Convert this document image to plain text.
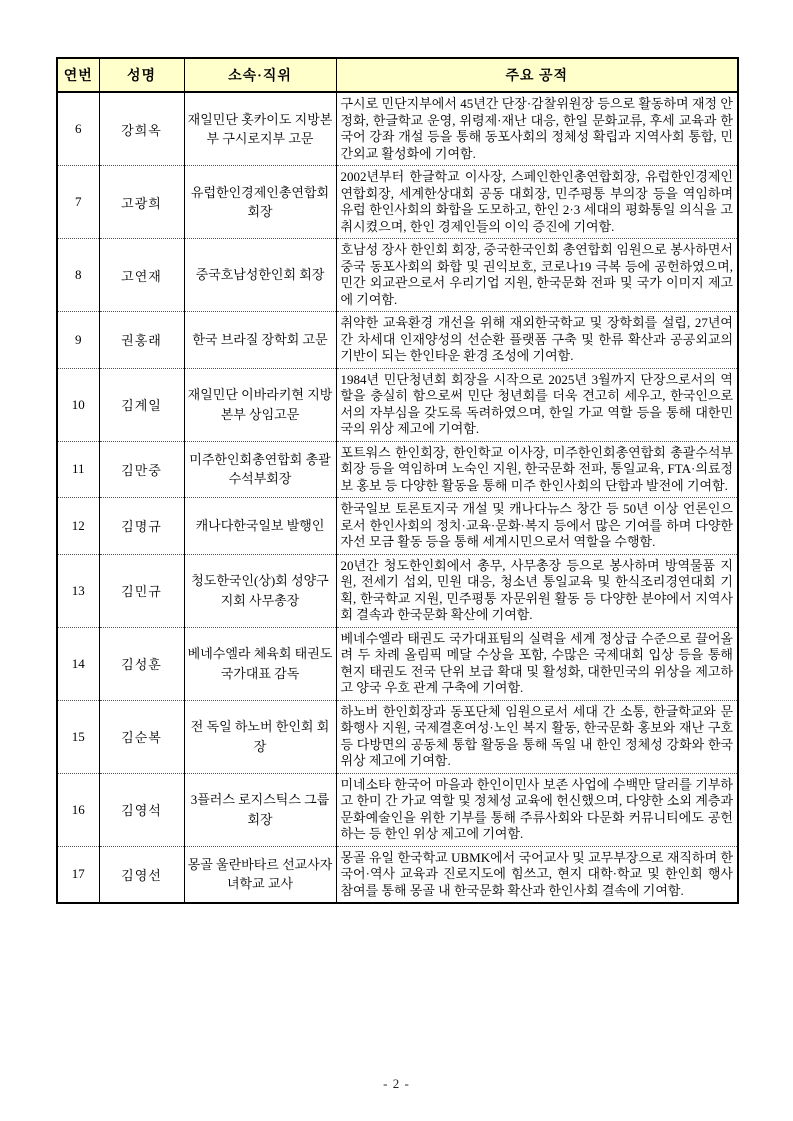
연번	성명	소속·직위	주요 공적
6	강희옥	재일민단 홋카이도 지방본부 구시로지부 고문	구시로 민단지부에서 45년간 단장·감찰위원장 등으로 활동하며 재정 안정화, 한글학교 운영, 위령제·재난 대응, 한일 문화교류, 후세 교육과 한국어 강좌 개설 등을 통해 동포사회의 정체성 확립과 지역사회 통합, 민간외교 활성화에 기여함.
7	고광희	유럽한인경제인총연합회 회장	2002년부터 한글학교 이사장, 스페인한인총연합회장, 유럽한인경제인연합회장, 세계한상대회 공동 대회장, 민주평통 부의장 등을 역임하며 유럽 한인사회의 화합을 도모하고, 한인 2·3 세대의 평화통일 의식을 고취시켰으며, 한인 경제인들의 이익 증진에 기여함.
8	고연재	중국호남성한인회 회장	호남성 장사 한인회 회장, 중국한국인회 총연합회 임원으로 봉사하면서 중국 동포사회의 화합 및 권익보호, 코로나19 극복 등에 공헌하였으며, 민간 외교관으로서 우리기업 지원, 한국문화 전파 및 국가 이미지 제고에 기여함.
9	권홍래	한국 브라질 장학회 고문	취약한 교육환경 개선을 위해 재외한국학교 및 장학회를 설립, 27년여간 차세대 인재양성의 선순환 플랫폼 구축 및 한류 확산과 공공외교의 기반이 되는 한인타운 환경 조성에 기여함.
10	김계일	재일민단 이바라키현 지방본부 상임고문	1984년 민단청년회 회장을 시작으로 2025년 3월까지 단장으로서의 역할을 충실히 함으로써 민단 청년회를 더욱 견고히 세우고, 한국인으로서의 자부심을 갖도록 독려하였으며, 한일 가교 역할 등을 통해 대한민국의 위상 제고에 기여함.
11	김만중	미주한인회총연합회 총괄수석부회장	포트워스 한인회장, 한인학교 이사장, 미주한인회총연합회 총괄수석부회장 등을 역임하며 노숙인 지원, 한국문화 전파, 통일교육, FTA·의료정보 홍보 등 다양한 활동을 통해 미주 한인사회의 단합과 발전에 기여함.
12	김명규	캐나다한국일보 발행인	한국일보 토론토지국 개설 및 캐나다뉴스 창간 등 50년 이상 언론인으로서 한인사회의 정치·교육·문화·복지 등에서 많은 기여를 하며 다양한 자선 모금 활동 등을 통해 세계시민으로서 역할을 수행함.
13	김민규	청도한국인(상)회 성양구지회 사무총장	20년간 청도한인회에서 총무, 사무총장 등으로 봉사하며 방역물품 지원, 전세기 섭외, 민원 대응, 청소년 통일교육 및 한식조리경연대회 기획, 한국학교 지원, 민주평통 자문위원 활동 등 다양한 분야에서 지역사회 결속과 한국문화 확산에 기여함.
14	김성훈	베네수엘라 체육회 태권도 국가대표 감독	베네수엘라 태권도 국가대표팀의 실력을 세계 정상급 수준으로 끌어올려 두 차례 올림픽 메달 수상을 포함, 수많은 국제대회 입상 등을 통해 현지 태권도 전국 단위 보급 확대 및 활성화, 대한민국의 위상을 제고하고 양국 우호 관계 구축에 기여함.
15	김순복	전 독일 하노버 한인회 회장	하노버 한인회장과 동포단체 임원으로서 세대 간 소통, 한글학교와 문화행사 지원, 국제결혼여성·노인 복지 활동, 한국문화 홍보와 재난 구호 등 다방면의 공동체 통합 활동을 통해 독일 내 한인 정체성 강화와 한국 위상 제고에 기여함.
16	김영석	3플러스 로지스틱스 그룹 회장	미네소타 한국어 마을과 한인이민사 보존 사업에 수백만 달러를 기부하고 한미 간 가교 역할 및 정체성 교육에 헌신했으며, 다양한 소외 계층과 문화예술인을 위한 기부를 통해 주류사회와 다문화 커뮤니티에도 공헌하는 등 한인 위상 제고에 기여함.
17	김영선	몽골 울란바타르 선교사자녀학교 교사	몽골 유일 한국학교 UBMK에서 국어교사 및 교무부장으로 재직하며 한국어·역사 교육과 진로지도에 힘쓰고, 현지 대학·학교 및 한인회 행사 참여를 통해 몽골 내 한국문화 확산과 한인사회 결속에 기여함.
- 2 -
